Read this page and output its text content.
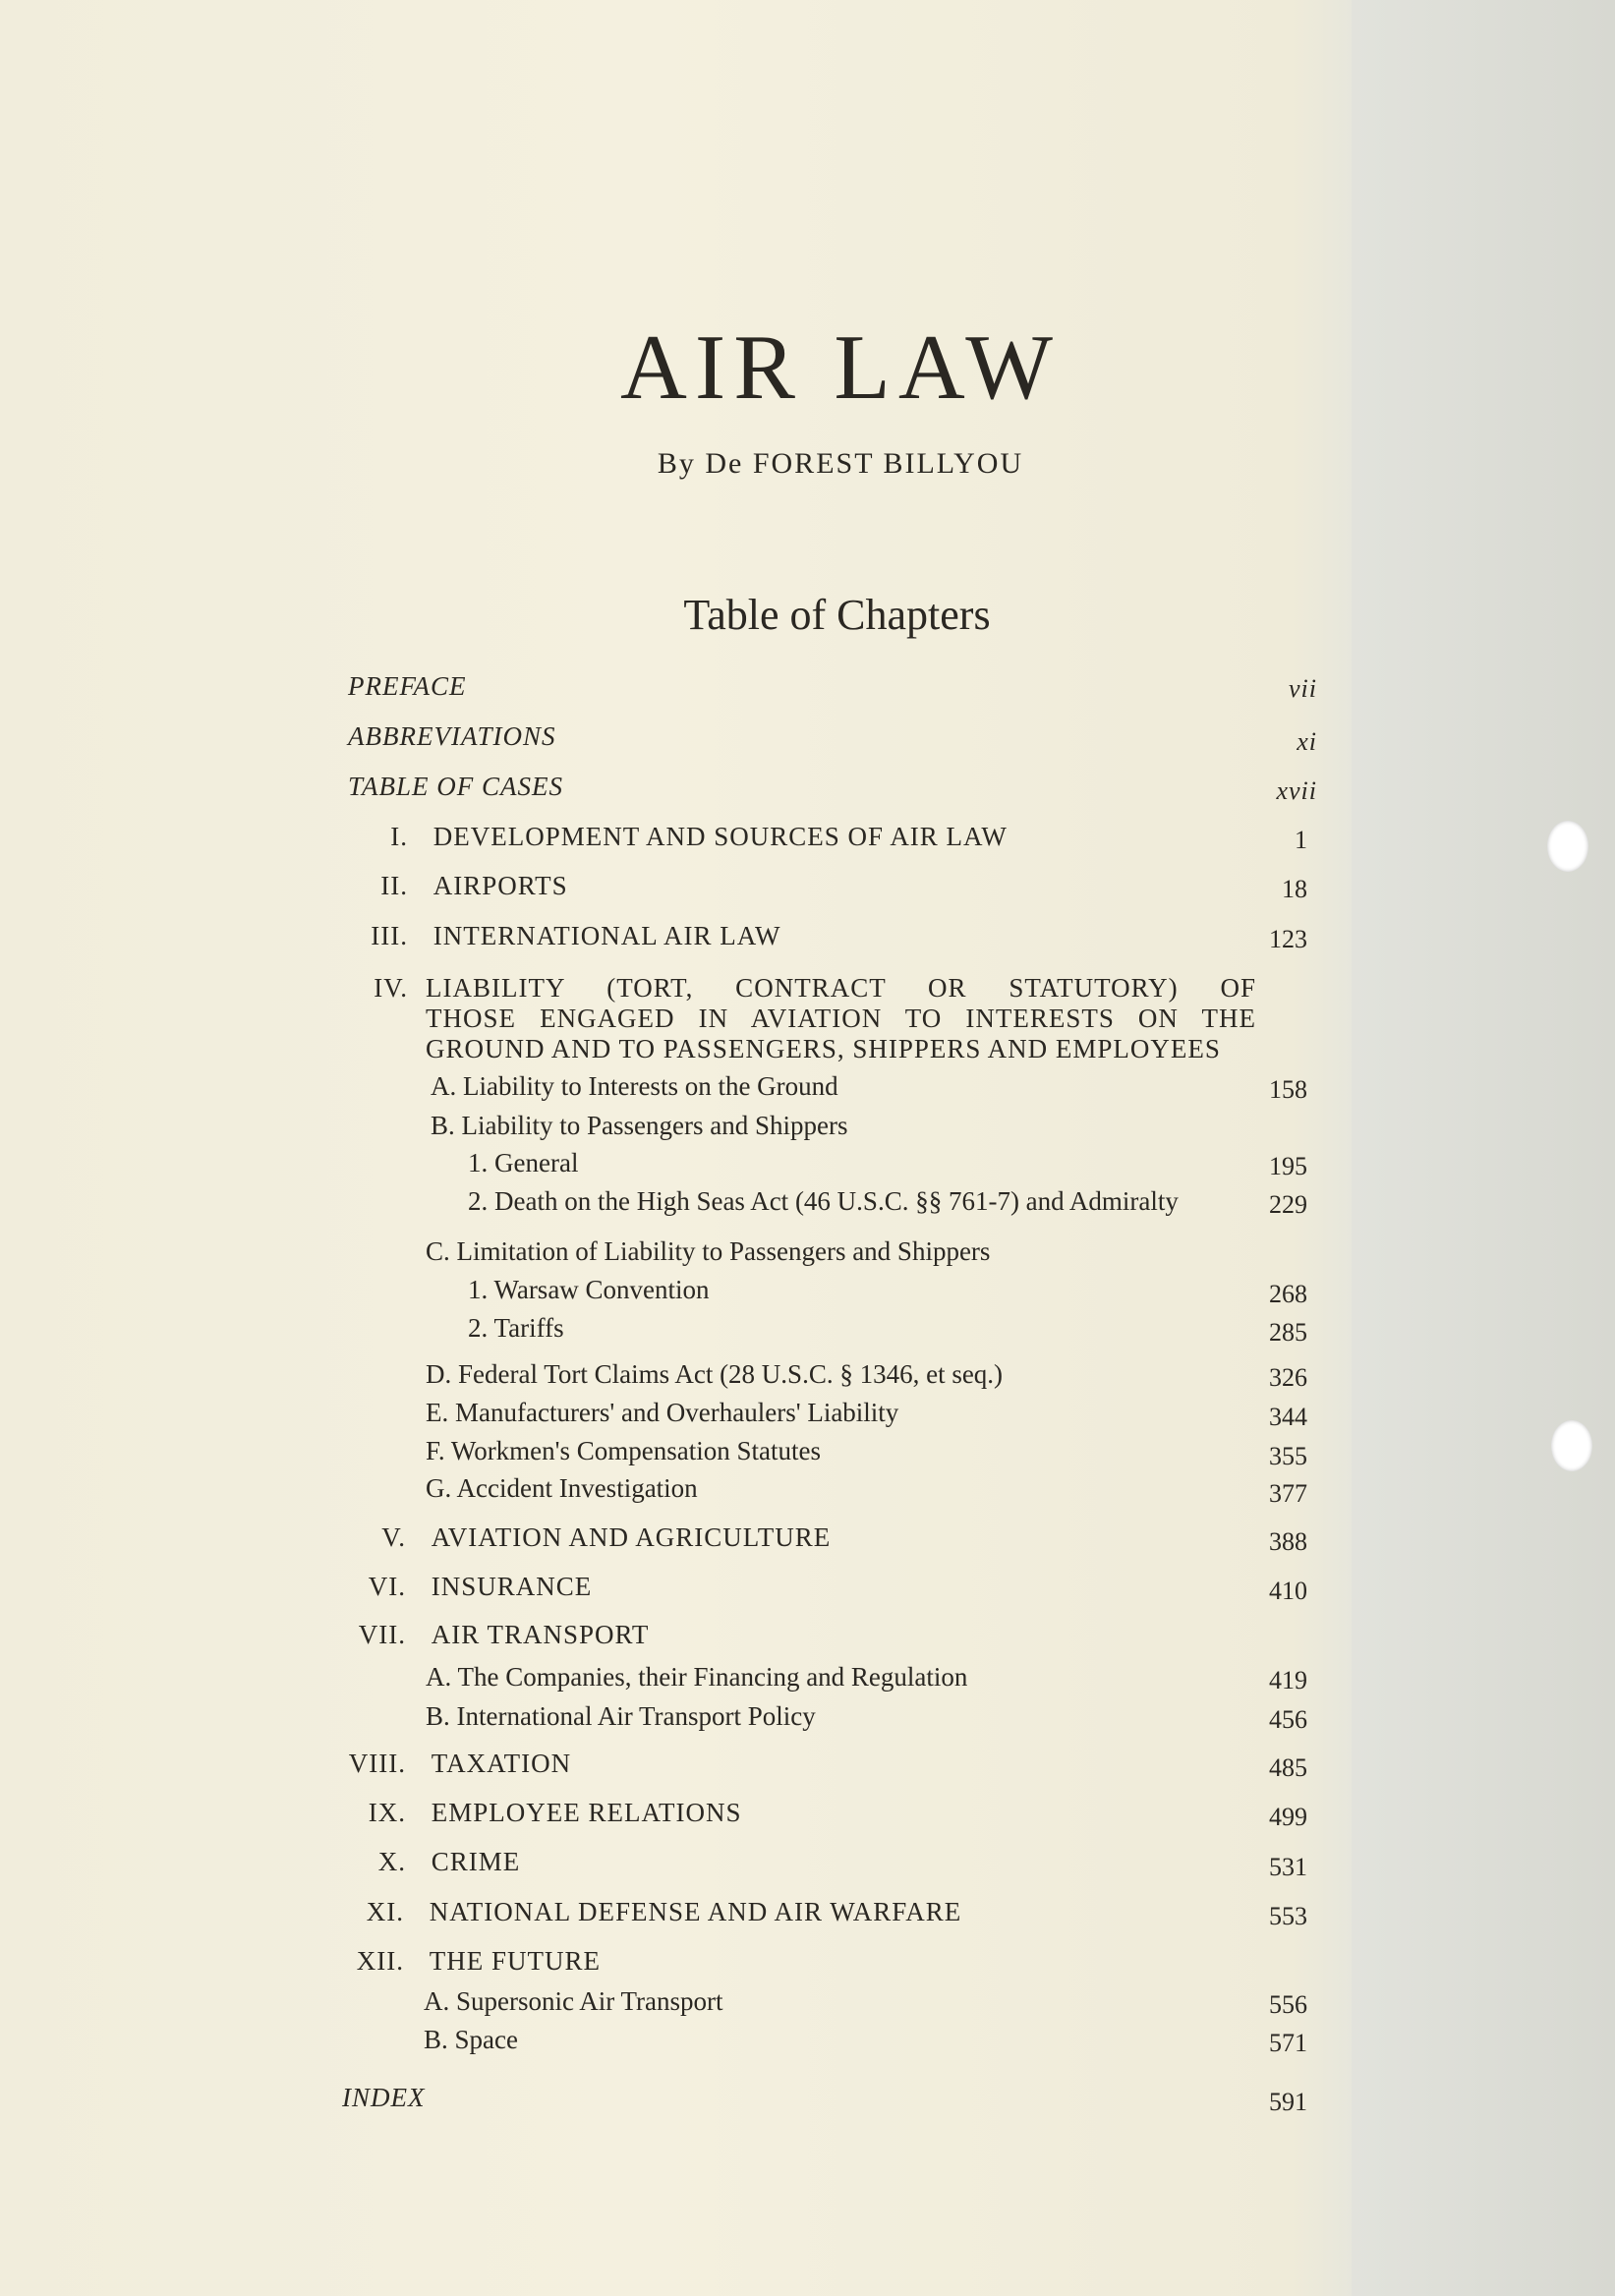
AIR LAW
By De FOREST BILLYOU
Table of Chapters
PREFACE	vii
ABBREVIATIONS	xi
TABLE OF CASES	xvii
I. DEVELOPMENT AND SOURCES OF AIR LAW	1
II. AIRPORTS	18
III. INTERNATIONAL AIR LAW	123
IV. LIABILITY (TORT, CONTRACT OR STATUTORY) OF
THOSE ENGAGED IN AVIATION TO INTERESTS ON THE
GROUND AND TO PASSENGERS, SHIPPERS AND EMPLOYEES
A. Liability to Interests on the Ground	158
B. Liability to Passengers and Shippers
1. General	195
2. Death on the High Seas Act (46 U.S.C. §§ 761-7) and Admiralty	229
C. Limitation of Liability to Passengers and Shippers
1. Warsaw Convention	268
2. Tariffs	285
D. Federal Tort Claims Act (28 U.S.C. § 1346, et seq.)	326
E. Manufacturers' and Overhaulers' Liability	344
F. Workmen's Compensation Statutes	355
G. Accident Investigation	377
V. AVIATION AND AGRICULTURE	388
VI. INSURANCE	410
VII. AIR TRANSPORT
A. The Companies, their Financing and Regulation	419
B. International Air Transport Policy	456
VIII. TAXATION	485
IX. EMPLOYEE RELATIONS	499
X. CRIME	531
XI. NATIONAL DEFENSE AND AIR WARFARE	553
XII. THE FUTURE
A. Supersonic Air Transport	556
B. Space	571
INDEX	591
